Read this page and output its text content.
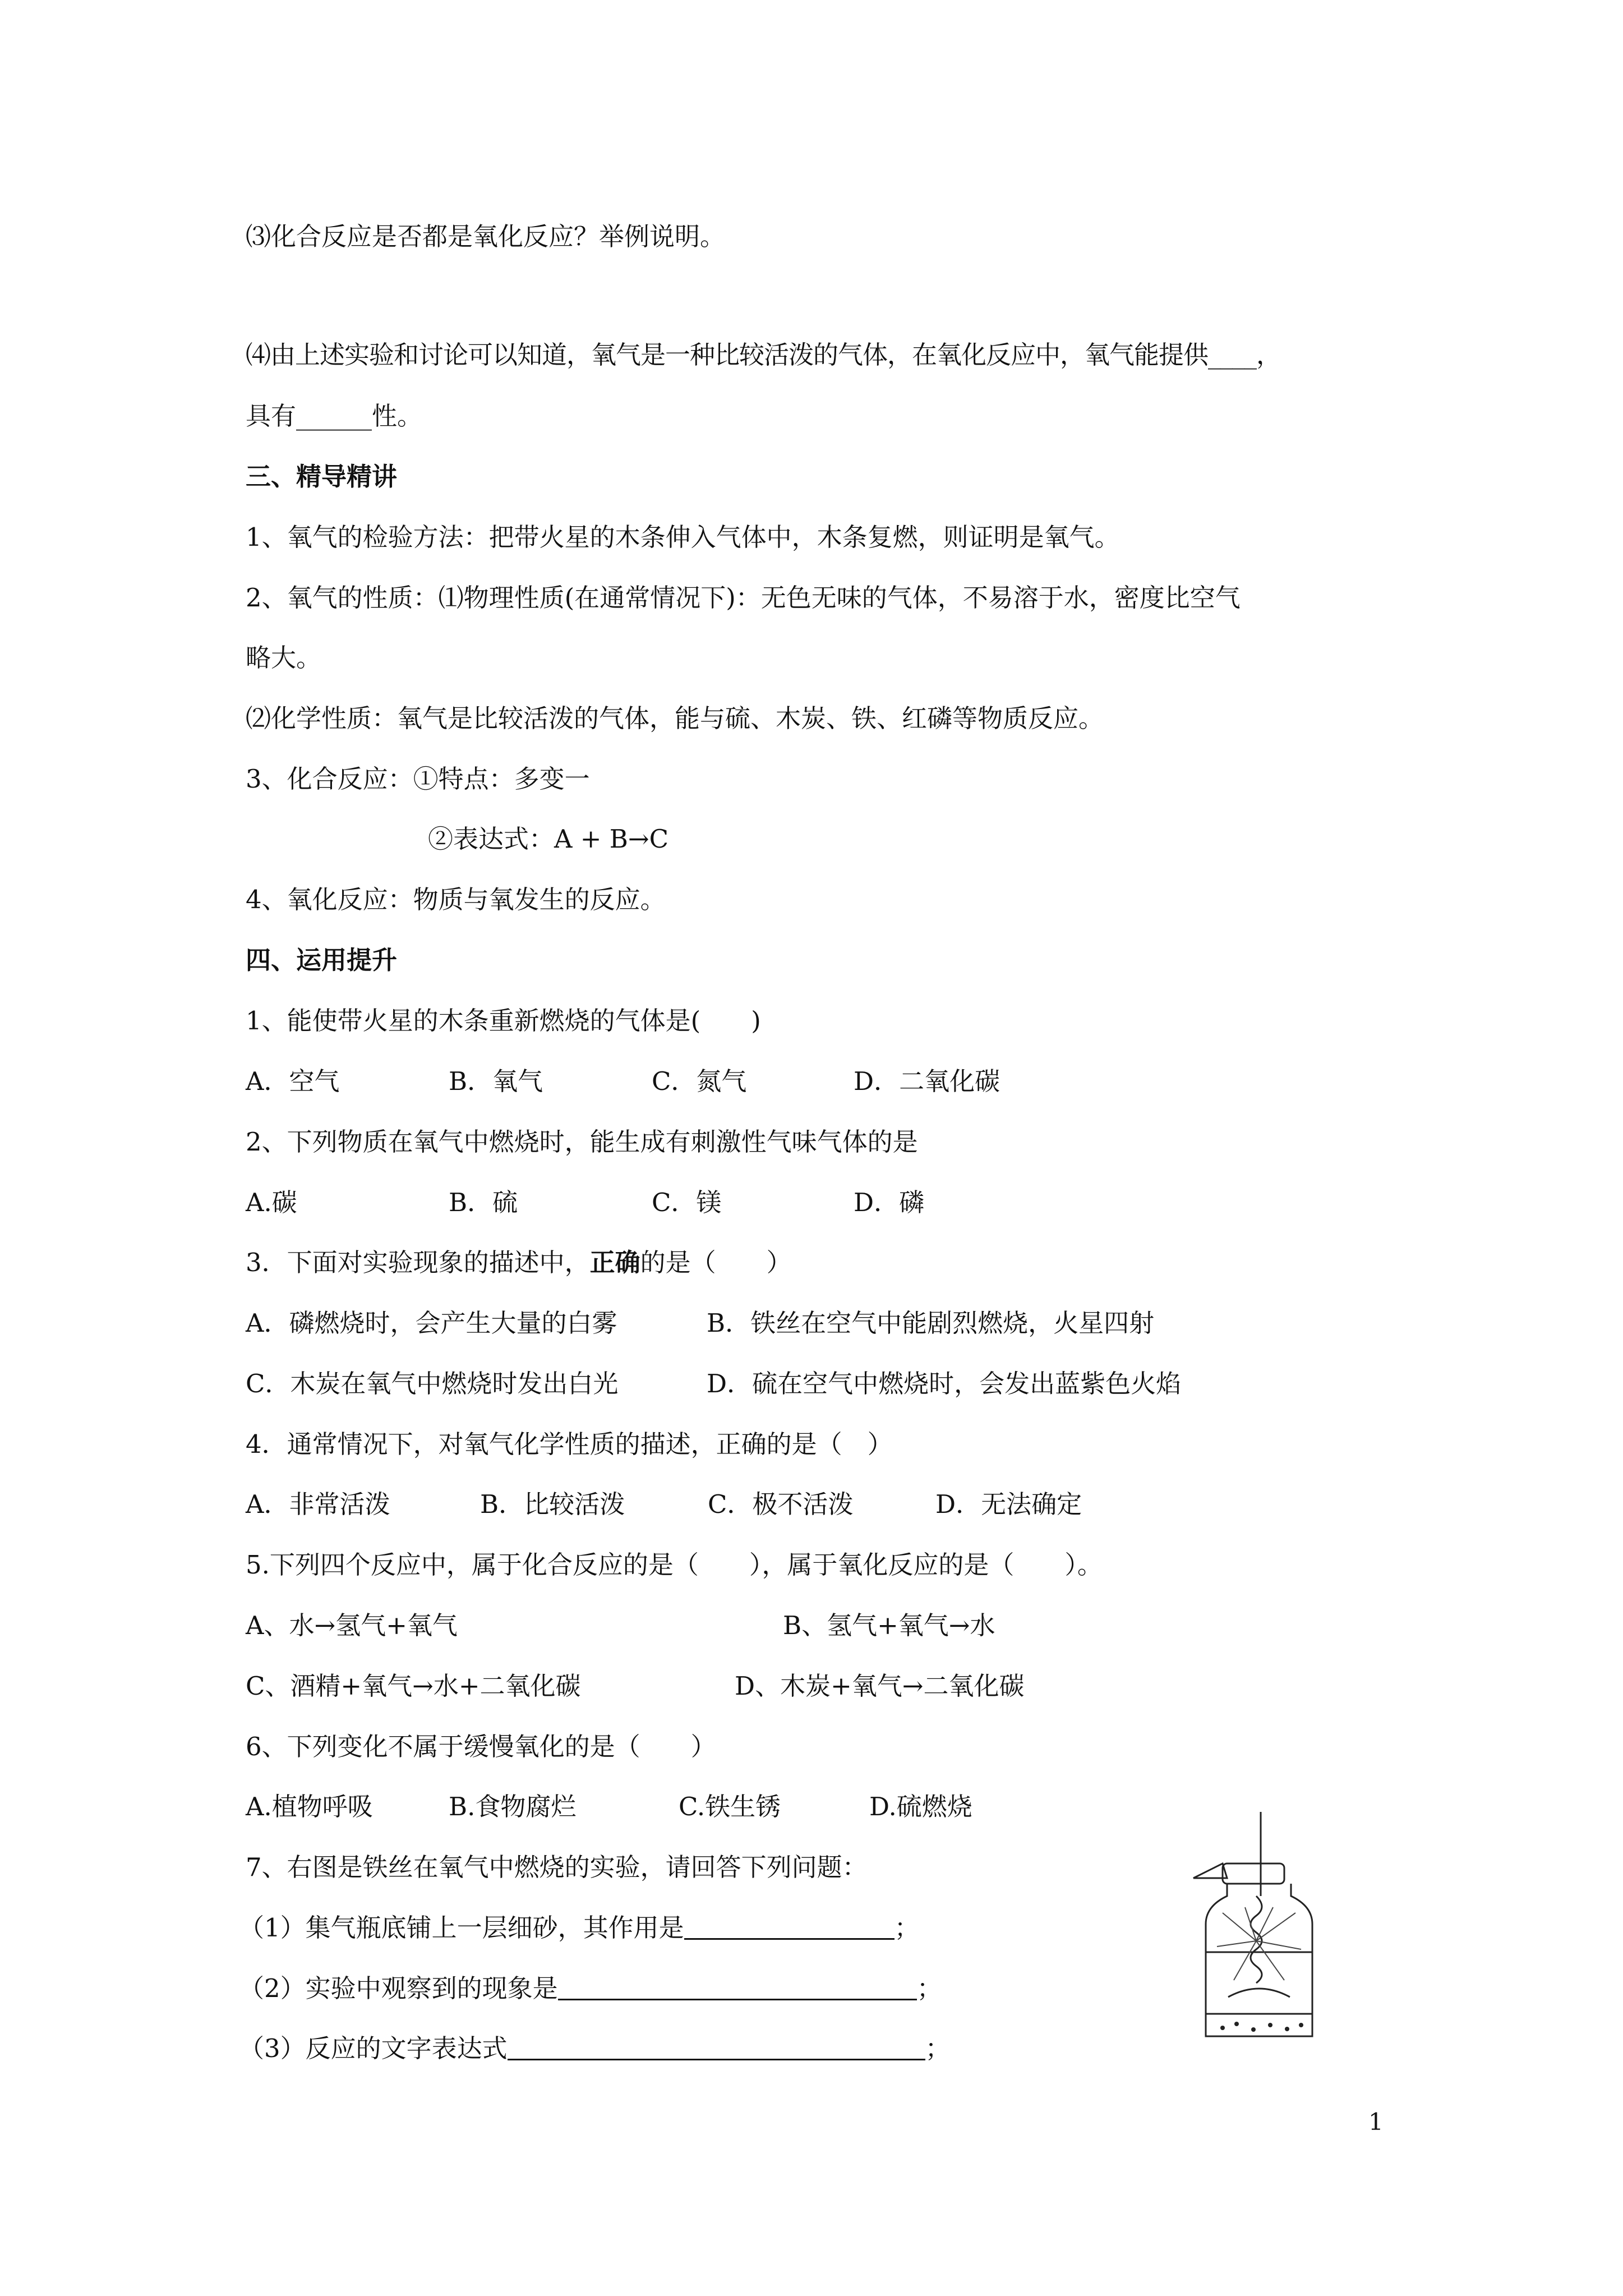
⑶化合反应是否都是氧化反应？举例说明。
⑷由上述实验和讨论可以知道，氧气是一种比较活泼的气体，在氧化反应中，氧气能提供____，
具有______性。
三、精导精讲
1、氧气的检验方法：把带火星的木条伸入气体中，木条复燃，则证明是氧气。
2、氧气的性质：⑴物理性质(在通常情况下)：无色无味的气体，不易溶于水，密度比空气
略大。
⑵化学性质：氧气是比较活泼的气体，能与硫、木炭、铁、红磷等物质反应。
3、化合反应：①特点：多变一
②表达式：A + B→C
4、氧化反应：物质与氧发生的反应。
四、运用提升
1、能使带火星的木条重新燃烧的气体是(　　)
A．空气	B．氧气	C．氮气	D．二氧化碳
2、下列物质在氧气中燃烧时，能生成有刺激性气味气体的是
A.碳	B．硫	C．镁	D．磷
3．下面对实验现象的描述中，正确的是（　　）
A．磷燃烧时，会产生大量的白雾	B．铁丝在空气中能剧烈燃烧，火星四射
C．木炭在氧气中燃烧时发出白光	D．硫在空气中燃烧时，会发出蓝紫色火焰
4．通常情况下，对氧气化学性质的描述，正确的是（　）
A．非常活泼	B．比较活泼	C．极不活泼	D．无法确定
5.下列四个反应中，属于化合反应的是（　　），属于氧化反应的是（　　）。
A、水→氢气+氧气	B、氢气+氧气→水
C、酒精+氧气→水+二氧化碳	D、木炭+氧气→二氧化碳
6、下列变化不属于缓慢氧化的是（　　）
A.植物呼吸	B.食物腐烂	C.铁生锈	D.硫燃烧
7、右图是铁丝在氧气中燃烧的实验，请回答下列问题：
（1）集气瓶底铺上一层细砂，其作用是	；
（2）实验中观察到的现象是	；
（3）反应的文字表达式	；
1
